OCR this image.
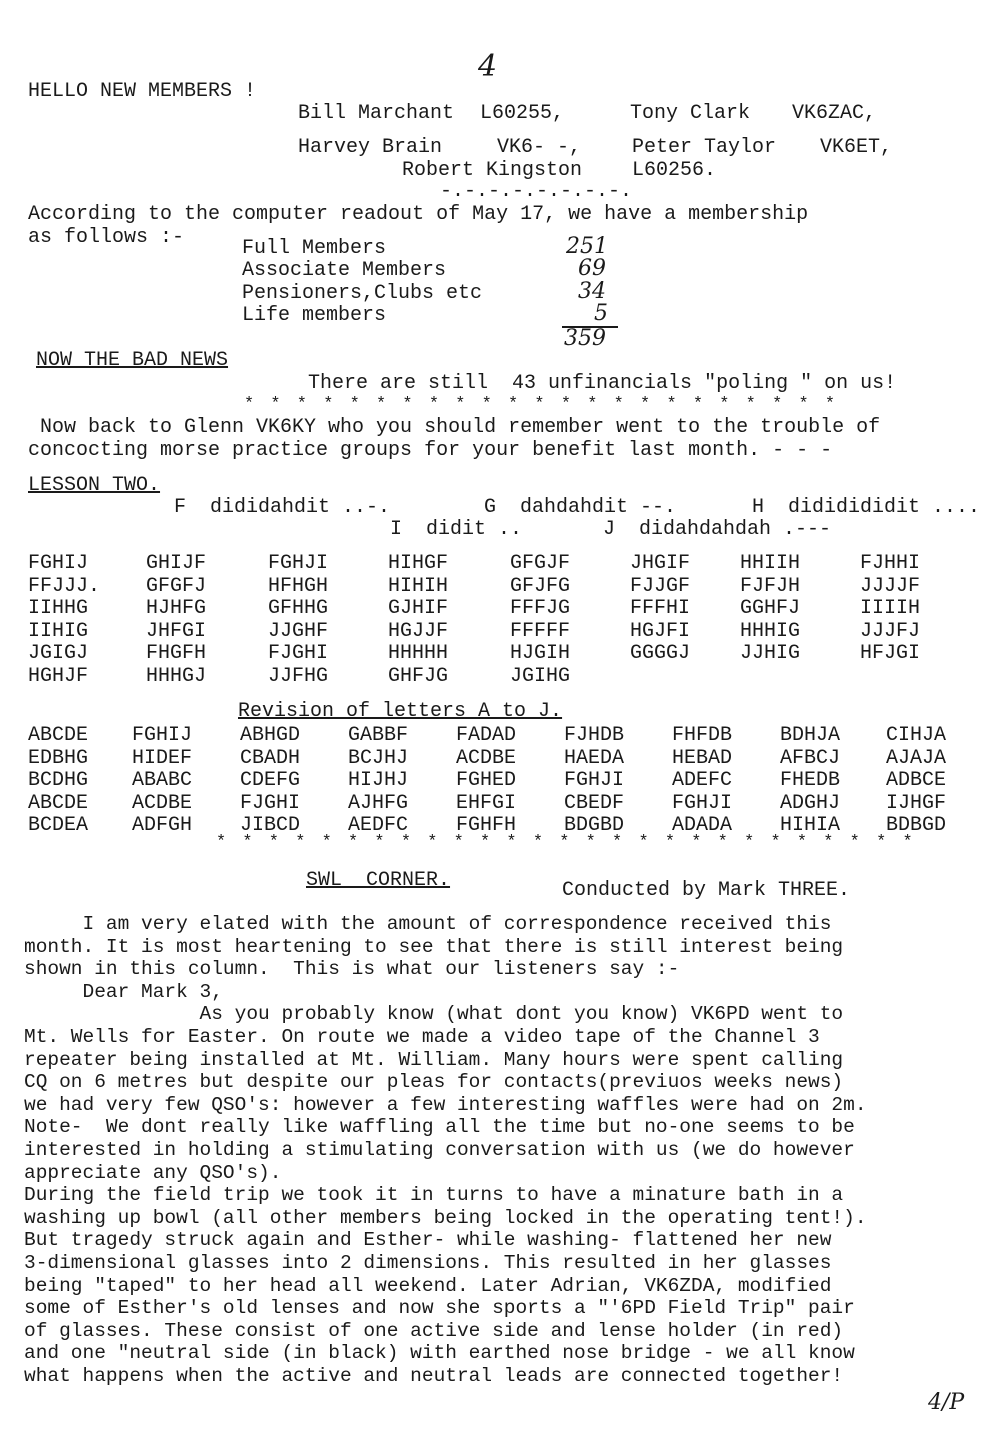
4
HELLO NEW MEMBERS !
Bill Marchant L60255,	Tony Clark VK6ZAC,
Harvey Brain	VK6- -,	Peter Taylor VK6ET,
Robert Kingston L60256.
-.-.-.-.-.-.-.-.
According to the computer readout of May 17, we have a membership
as follows :-	Full Members	251
Associate Members	69
Pensioners,Clubs etc	34
Life members	5
359
NOW THE BAD NEWS
There are still  43 unfinancials "poling " on us!
* * * * * * * * * * * * * * * * * * * * * * *
Now back to Glenn VK6KY who you should remember went to the trouble of
concocting morse practice groups for your benefit last month. - - -
LESSON TWO.
F  dididahdit ..-.	G  dahdahdit --.	H  dididididit ....
I  didit ..	J  didahdahdah .---
FGHIJ	GHIJF	FGHJI	HIHGF	GFGJF	JHGIF HHIIH	FJHHI
FFJJJ. GFGFJ	HFHGH	HIHIH	GFJFG	FJJGF FJFJH	JJJJF
IIHHG	HJHFG	GFHHG	GJHIF	FFFJG	FFFHI GGHFJ	IIIIH
IIHIG	JHFGI	JJGHF	HGJJF	FFFFF	HGJFI HHHIG	JJJFJ
JGIGJ	FHGFH	FJGHI	HHHHH	HJGIH	GGGGJ JJHIG	HFJGI
HGHJF	HHHGJ	JJFHG	GHFJG	JGIHG
Revision of letters A to J.
ABCDE FGHIJ ABHGD GABBF FADAD FJHDB FHFDB BDHJA CIHJA
EDBHG HIDEF CBADH BCJHJ ACDBE HAEDA HEBAD AFBCJ AJAJA
BCDHG ABABC CDEFG HIJHJ FGHED FGHJI ADEFC FHEDB ADBCE
ABCDE ACDBE FJGHI AJHFG EHFGI CBEDF FGHJI ADGHJ IJHGF
BCDEA ADFGH JIBCD AEDFC FGHFH BDGBD ADADA HIHIA BDBGD
* * * * * * * * * * * * * * * * * * * * * * * * * * *
SWL  CORNER.	Conducted by Mark THREE.
I am very elated with the amount of correspondence received this
month. It is most heartening to see that there is still interest being
shown in this column.  This is what our listeners say :-
Dear Mark 3,
As you probably know (what dont you know) VK6PD went to
Mt. Wells for Easter. On route we made a video tape of the Channel 3
repeater being installed at Mt. William. Many hours were spent calling
CQ on 6 metres but despite our pleas for contacts(previuos weeks news)
we had very few QSO's: however a few interesting waffles were had on 2m.
Note-  We dont really like waffling all the time but no-one seems to be
interested in holding a stimulating conversation with us (we do however
appreciate any QSO's).
During the field trip we took it in turns to have a minature bath in a
washing up bowl (all other members being locked in the operating tent!).
But tragedy struck again and Esther- while washing- flattened her new
3-dimensional glasses into 2 dimensions. This resulted in her glasses
being "taped" to her head all weekend. Later Adrian, VK6ZDA, modified
some of Esther's old lenses and now she sports a "'6PD Field Trip" pair
of glasses. These consist of one active side and lense holder (in red)
and one "neutral side (in black) with earthed nose bridge - we all know
what happens when the active and neutral leads are connected together!
4/P
